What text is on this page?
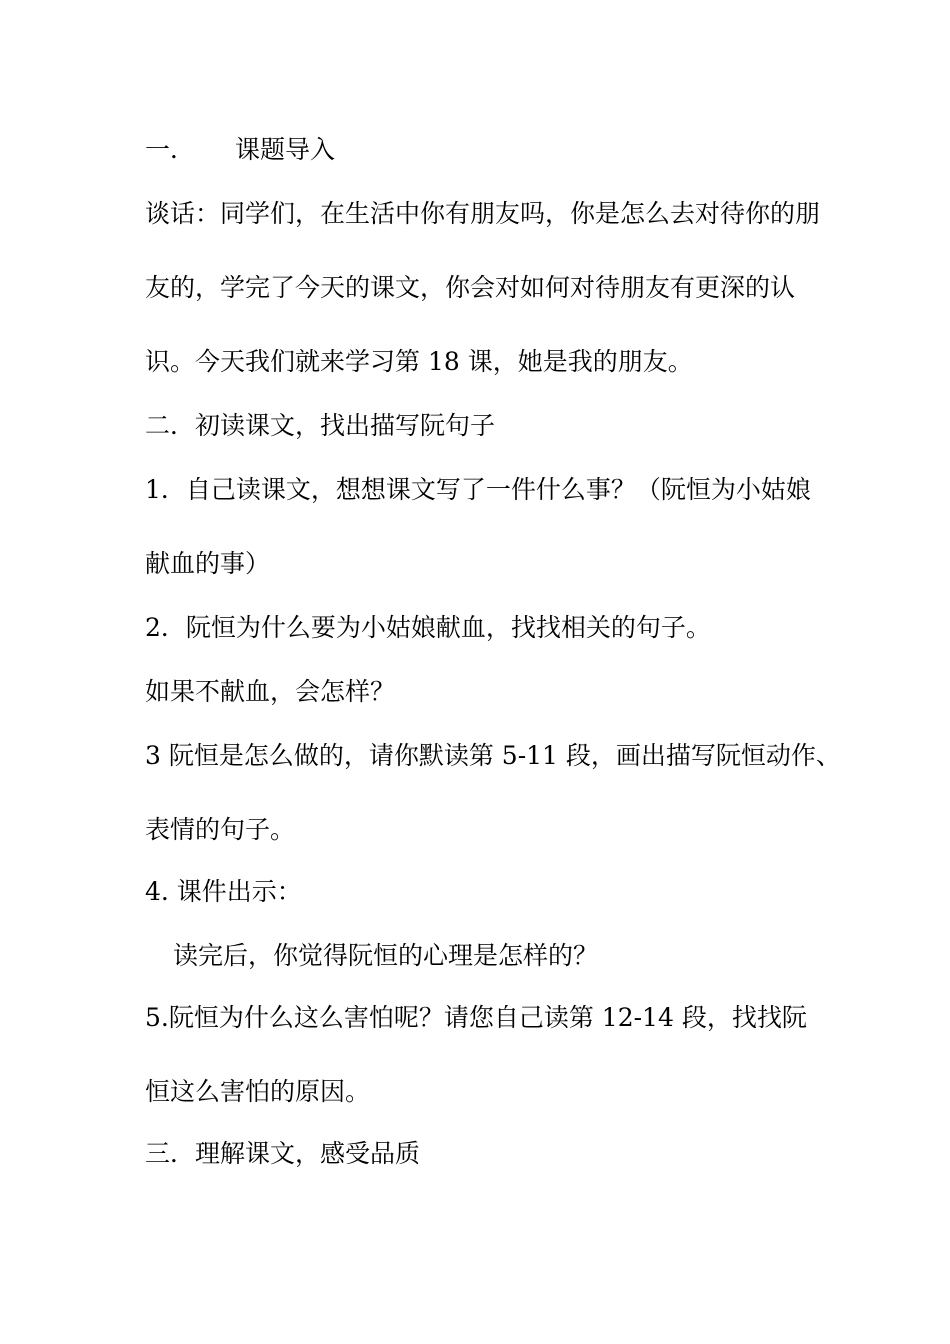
一． 课题导入
谈话：同学们，在生活中你有朋友吗，你是怎么去对待你的朋
友的，学完了今天的课文，你会对如何对待朋友有更深的认
识。今天我们就来学习第 18 课，她是我的朋友。
二．初读课文，找出描写阮句子
1．自己读课文，想想课文写了一件什么事？（阮恒为小姑娘
献血的事）
2．阮恒为什么要为小姑娘献血，找找相关的句子。
如果不献血，会怎样？
3 阮恒是怎么做的，请你默读第 5-11 段，画出描写阮恒动作、
表情的句子。
4. 课件出示：
读完后，你觉得阮恒的心理是怎样的？
5.阮恒为什么这么害怕呢？请您自己读第 12-14 段，找找阮
恒这么害怕的原因。
三．理解课文，感受品质
